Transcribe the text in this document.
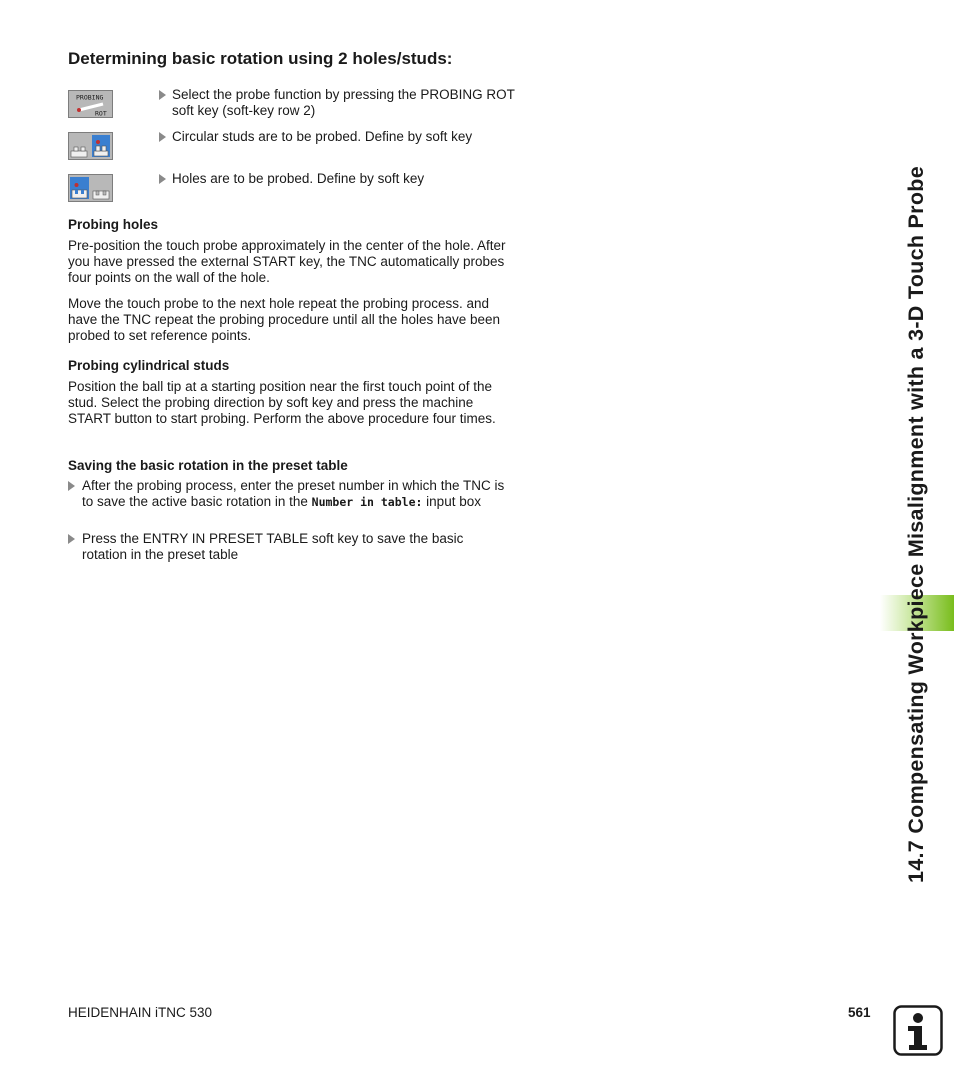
Determining basic rotation using 2 holes/studs:
PROBING
ROT
Select the probe function by pressing the PROBING ROT soft key (soft-key row 2)
Circular studs are to be probed. Define by soft key
Holes are to be probed. Define by soft key
Probing holes

Pre-position the touch probe approximately in the center of the hole. After you have pressed the external START key, the TNC automatically probes four points on the wall of the hole.

Move the touch probe to the next hole repeat the probing process. and have the TNC repeat the probing procedure until all the holes have been probed to set reference points.

Probing cylindrical studs

Position the ball tip at a starting position near the first touch point of the stud. Select the probing direction by soft key and press the machine START button to start probing. Perform the above procedure four times.

Saving the basic rotation in the preset table
After the probing process, enter the preset number in which the TNC is to save the active basic rotation in the Number in table: input box
Press the ENTRY IN PRESET TABLE soft key to save the basic rotation in the preset table	14.7 Compensating Workpiece Misalignment with a 3-D Touch Probe
HEIDENHAIN iTNC 530	561
